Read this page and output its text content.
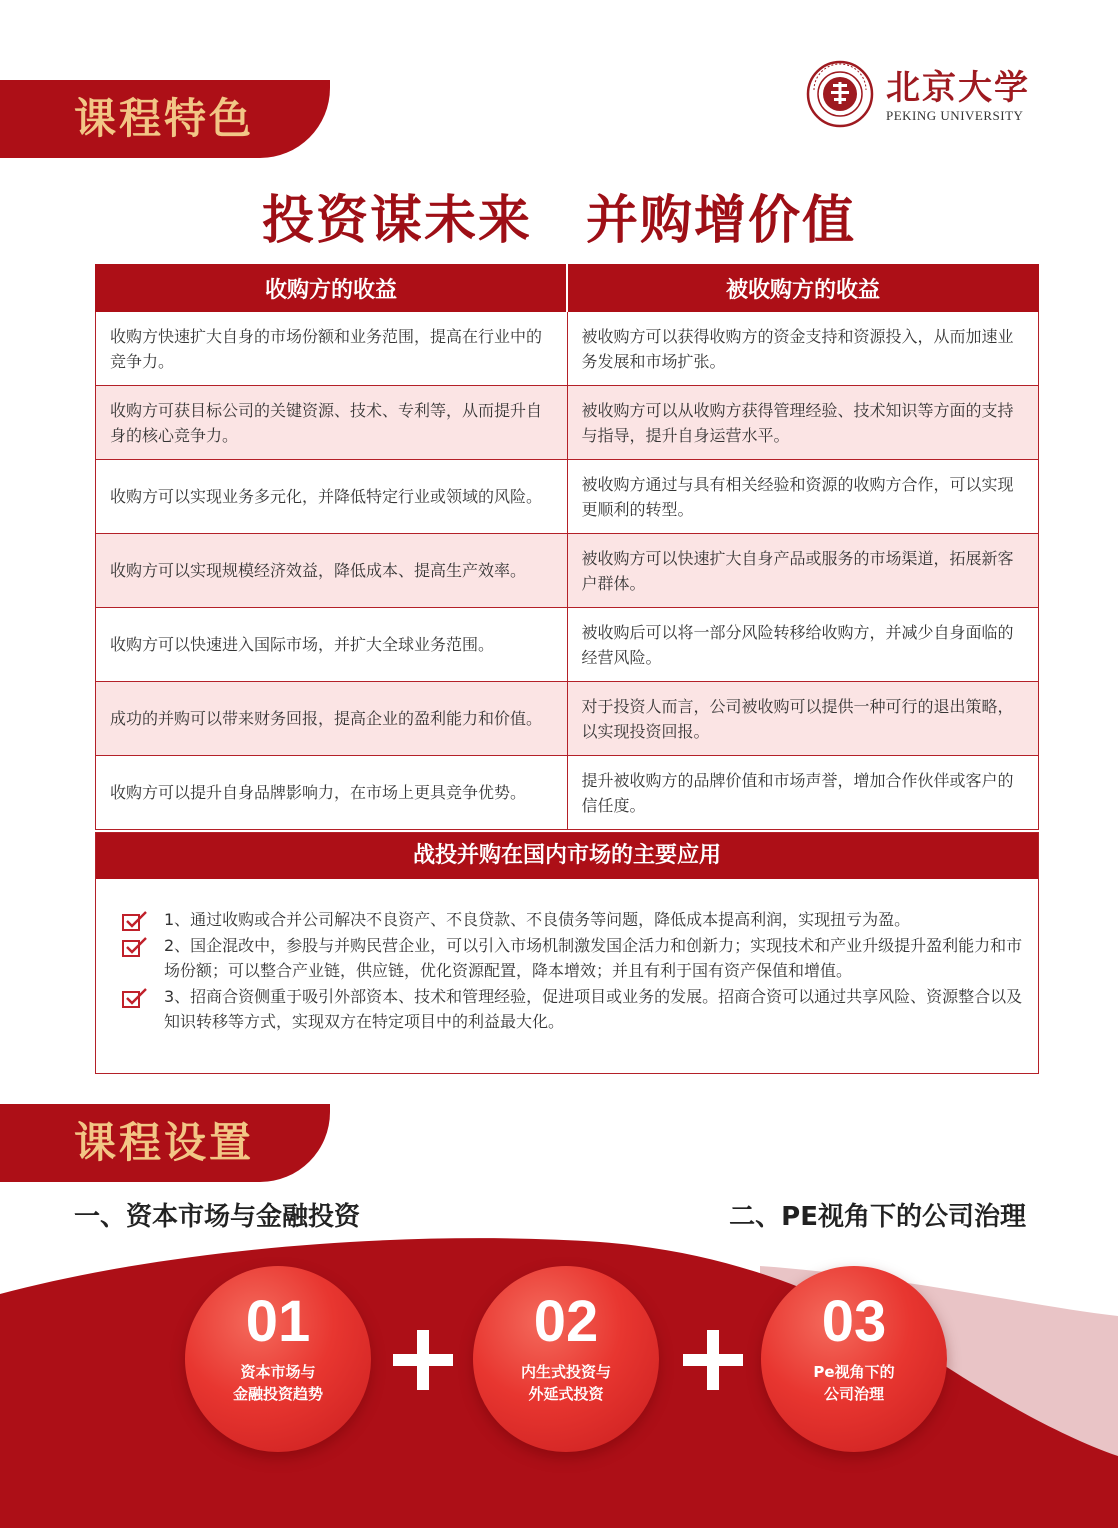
课程特色
北京大学
PEKING UNIVERSITY
投资谋未来　并购增价值
收购方的收益	被收购方的收益
收购方快速扩大自身的市场份额和业务范围，提高在行业中的竞争力。	被收购方可以获得收购方的资金支持和资源投入，从而加速业务发展和市场扩张。
收购方可获目标公司的关键资源、技术、专利等，从而提升自身的核心竞争力。	被收购方可以从收购方获得管理经验、技术知识等方面的支持与指导，提升自身运营水平。
收购方可以实现业务多元化，并降低特定行业或领域的风险。	被收购方通过与具有相关经验和资源的收购方合作，可以实现更顺利的转型。
收购方可以实现规模经济效益，降低成本、提高生产效率。	被收购方可以快速扩大自身产品或服务的市场渠道，拓展新客户群体。
收购方可以快速进入国际市场，并扩大全球业务范围。	被收购后可以将一部分风险转移给收购方，并减少自身面临的经营风险。
成功的并购可以带来财务回报，提高企业的盈利能力和价值。	对于投资人而言，公司被收购可以提供一种可行的退出策略，以实现投资回报。
收购方可以提升自身品牌影响力，在市场上更具竞争优势。	提升被收购方的品牌价值和市场声誉，增加合作伙伴或客户的信任度。
战投并购在国内市场的主要应用
1、通过收购或合并公司解决不良资产、不良贷款、不良债务等问题，降低成本提高利润，实现扭亏为盈。
2、国企混改中，参股与并购民营企业，可以引入市场机制激发国企活力和创新力；实现技术和产业升级提升盈利能力和市场份额；可以整合产业链，供应链，优化资源配置，降本增效；并且有利于国有资产保值和增值。
3、招商合资侧重于吸引外部资本、技术和管理经验，促进项目或业务的发展。招商合资可以通过共享风险、资源整合以及知识转移等方式，实现双方在特定项目中的利益最大化。
课程设置
一、资本市场与金融投资	二、PE视角下的公司治理
01
资本市场与
金融投资趋势
02
内生式投资与
外延式投资
03
Pe视角下的
公司治理
